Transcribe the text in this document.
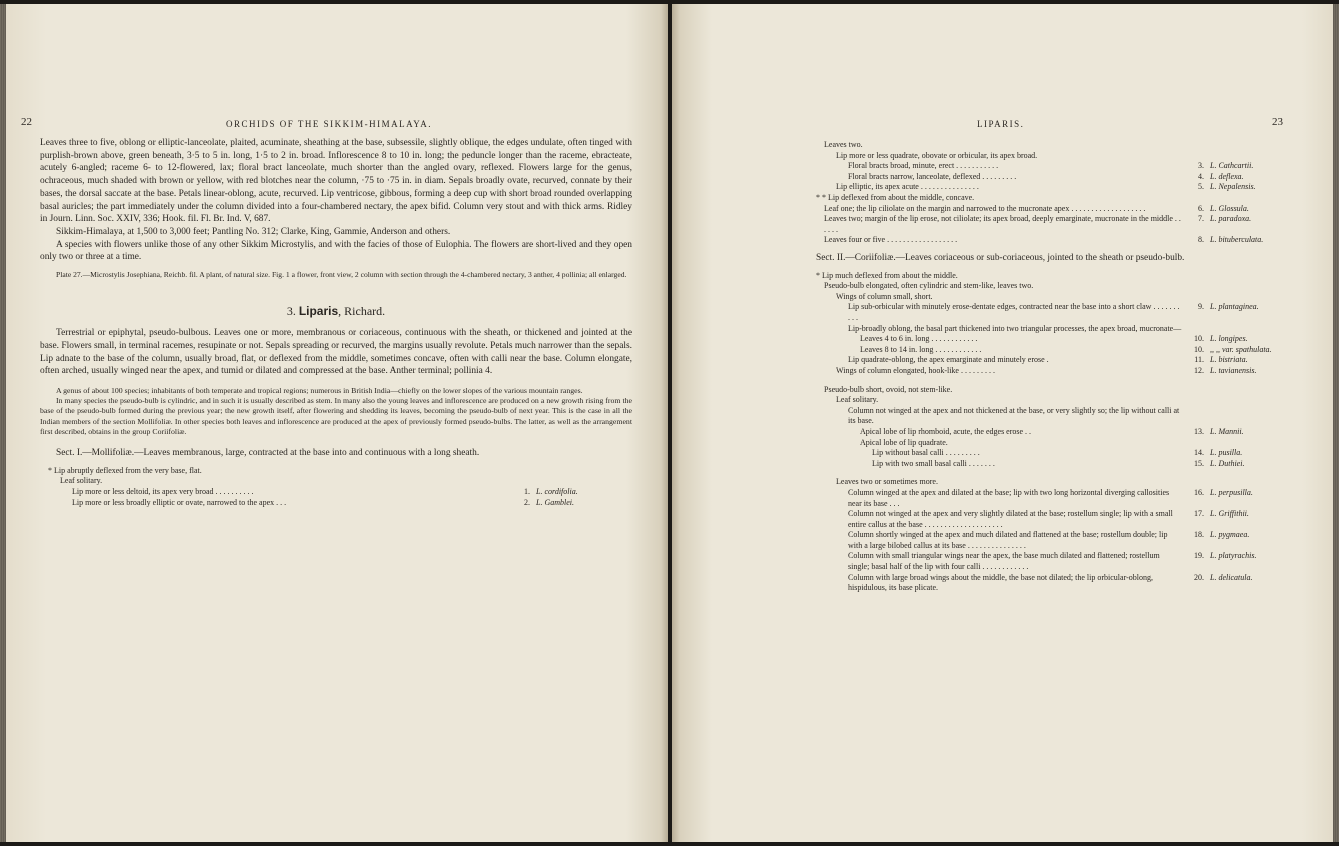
22	ORCHIDS OF THE SIKKIM-HIMALAYA.

Leaves three to five, oblong or elliptic-lanceolate, plaited, acuminate, sheathing at the base, subsessile, slightly oblique, the edges undulate, often tinged with purplish-brown above, green beneath, 3·5 to 5 in. long, 1·5 to 2 in. broad. Inflorescence 8 to 10 in. long; the peduncle longer than the raceme, ebracteate, acutely 6-angled; raceme 6- to 12-flowered, lax; floral bract lanceolate, much shorter than the angled ovary, reflexed. Flowers large for the genus, ochraceous, much shaded with brown or yellow, with red blotches near the column, ·75 to ·75 in. in diam. Sepals broadly ovate, recurved, connate by their bases, the dorsal saccate at the base. Petals linear-oblong, acute, recurved. Lip ventricose, gibbous, forming a deep cup with short broad rounded overlapping basal auricles; the part immediately under the column divided into a four-chambered nectary, the apex bifid. Column very stout and with thick arms. Ridley in Journ. Linn. Soc. XXIV, 336; Hook. fil. Fl. Br. Ind. V, 687.

Sikkim-Himalaya, at 1,500 to 3,000 feet; Pantling No. 312; Clarke, King, Gammie, Anderson and others.

A species with flowers unlike those of any other Sikkim Microstylis, and with the facies of those of Eulophia. The flowers are short-lived and they open only two or three at a time.

Plate 27.—Microstylis Josephiana, Reichb. fil. A plant, of natural size. Fig. 1 a flower, front view, 2 column with section through the 4-chambered nectary, 3 anther, 4 pollinia; all enlarged.

3. Liparis, Richard.

Terrestrial or epiphytal, pseudo-bulbous. Leaves one or more, membranous or coriaceous, continuous with the sheath, or thickened and jointed at the base. Flowers small, in terminal racemes, resupinate or not. Sepals spreading or recurved, the margins usually revolute. Petals much narrower than the sepals. Lip adnate to the base of the column, usually broad, flat, or deflexed from the middle, sometimes concave, often with calli near the base. Column elongate, often arched, usually winged near the apex, and tumid or dilated and compressed at the base. Anther terminal; pollinia 4.

A genus of about 100 species; inhabitants of both temperate and tropical regions; numerous in British India—chiefly on the lower slopes of the various mountain ranges.

In many species the pseudo-bulb is cylindric, and in such it is usually described as stem. In many also the young leaves and inflorescence are produced on a new growth rising from the base of the pseudo-bulb formed during the previous year; the new growth itself, after flowering and shedding its leaves, becoming the pseudo-bulb of next year. This is the case in all the Indian members of the section Mollifoliæ. In other species both leaves and inflorescence are produced at the apex of previously formed pseudo-bulbs. The latter, as well as the arrangement first described, obtains in the group Coriifoliæ.

Sect. I.—Mollifoliæ.—Leaves membranous, large, contracted at the base into and continuous with a long sheath.

* Lip abruptly deflexed from the very base, flat.
Leaf solitary.
Lip more or less deltoid, its apex very broad . . . . . . . . . .	1. L. cordifolia.
Lip more or less broadly elliptic or ovate, narrowed to the apex . . .	2. L. Gamblei.
23
LIPARIS.
Leaves two.
Lip more or less quadrate, obovate or orbicular, its apex broad.
Floral bracts broad, minute, erect . . . . . . . . . . .	3. L. Cathcartii.
Floral bracts narrow, lanceolate, deflexed . . . . . . . . .	4. L. deflexa.
Lip elliptic, its apex acute . . . . . . . . . . . . . . .	5. L. Nepalensis.
* * Lip deflexed from about the middle, concave.
Leaf one; the lip ciliolate on the margin and narrowed to the mucronate apex . . . . . . . . . . . . . . . . . . .	6. L. Glossula.
Leaves two; margin of the lip erose, not ciliolate; its apex broad, deeply emarginate, mucronate in the middle . . . . . .
7. L. paradoxa.
Leaves four or five . . . . . . . . . . . . . . . . . .	8. L. bituberculata.
Sect. II.—Coriifoliæ.—Leaves coriaceous or sub-coriaceous, jointed to the sheath or pseudo-bulb.
* Lip much deflexed from about the middle.
Pseudo-bulb elongated, often cylindric and stem-like, leaves two.
Wings of column small, short.
Lip sub-orbicular with minutely erose-dentate edges, contracted near the base into a short claw . . . . . . . . . .
9. L. plantaginea.
Lip-broadly oblong, the basal part thickened into two triangular processes, the apex broad, mucronate—
Leaves 4 to 6 in. long . . . . . . . . . . . .	10. L. longipes.
Leaves 8 to 14 in. long . . . . . . . . . . . .	10. ,, ,, var. spathulata.
Lip quadrate-oblong, the apex emarginate and minutely erose .	11. L. bistriata.
Wings of column elongated, hook-like . . . . . . . . .	12. L. tavianensis.
Pseudo-bulb short, ovoid, not stem-like.
Leaf solitary.
Column not winged at the apex and not thickened at the base, or very slightly so; the lip without calli at its base.
Apical lobe of lip rhomboid, acute, the edges erose . .	13. L. Mannii.
Apical lobe of lip quadrate.
Lip without basal calli . . . . . . . . .	14. L. pusilla.
Lip with two small basal calli . . . . . . .	15. L. Duthiei.
Leaves two or sometimes more.
Column winged at the apex and dilated at the base; lip with two long horizontal diverging callosities near its base . . .
16. L. perpusilla.
Column not winged at the apex and very slightly dilated at the base; rostellum single; lip with a small entire callus at the base . . . . . . . . . . . . . . . . . . . .
17. L. Griffithii.
Column shortly winged at the apex and much dilated and flattened at the base; rostellum double; lip with a large bilobed callus at its base . . . . . . . . . . . . . . .
18. L. pygmaea.
Column with small triangular wings near the apex, the base much dilated and flattened; rostellum single; basal half of the lip with four calli . . . . . . . . . . . .
19. L. platyrachis.
Column with large broad wings about the middle, the base not dilated; the lip orbicular-oblong, hispidulous, its base plicate.
20. L. delicatula.
